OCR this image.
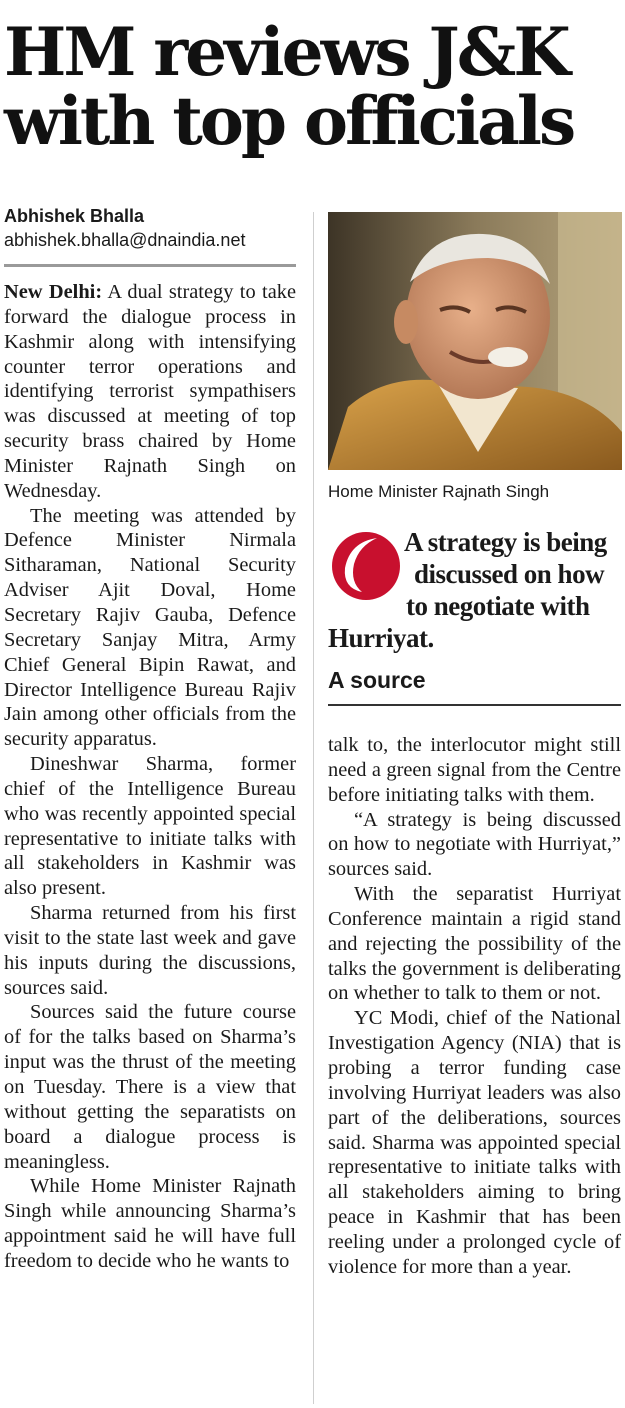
HM reviews J&K with top officials
Abhishek Bhalla
abhishek.bhalla@dnaindia.net

New Delhi: A dual strategy to take forward the dialogue process in Kashmir along with intensifying counter terror operations and identifying terrorist sympathisers was discussed at meeting of top security brass chaired by Home Minister Rajnath Singh on Wednesday.

The meeting was attended by Defence Minister Nirmala Sitharaman, National Security Adviser Ajit Doval, Home Secretary Rajiv Gauba, Defence Secretary Sanjay Mitra, Army Chief General Bipin Rawat, and Director Intelligence Bureau Rajiv Jain among other officials from the security apparatus.

Dineshwar Sharma, former chief of the Intelligence Bureau who was recently appointed special representative to initiate talks with all stakeholders in Kashmir was also present.

Sharma returned from his first visit to the state last week and gave his inputs during the discussions, sources said.

Sources said the future course of for the talks based on Sharma’s input was the thrust of the meeting on Tuesday. There is a view that without getting the separatists on board a dialogue process is meaningless.

While Home Minister Rajnath Singh while announcing Sharma’s appointment said he will have full freedom to decide who he wants to

Home Minister Rajnath Singh
A strategy is being
discussed on how
to negotiate with
Hurriyat.
A source

talk to, the interlocutor might still need a green signal from the Centre before initiating talks with them.

“A strategy is being discussed on how to negotiate with Hurriyat,” sources said.

With the separatist Hurriyat Conference maintain a rigid stand and rejecting the possibility of the talks the government is deliberating on whether to talk to them or not.

YC Modi, chief of the National Investigation Agency (NIA) that is probing a terror funding case involving Hurriyat leaders was also part of the deliberations, sources said. Sharma was appointed special representative to initiate talks with all stakeholders aiming to bring peace in Kashmir that has been reeling under a prolonged cycle of violence for more than a year.
